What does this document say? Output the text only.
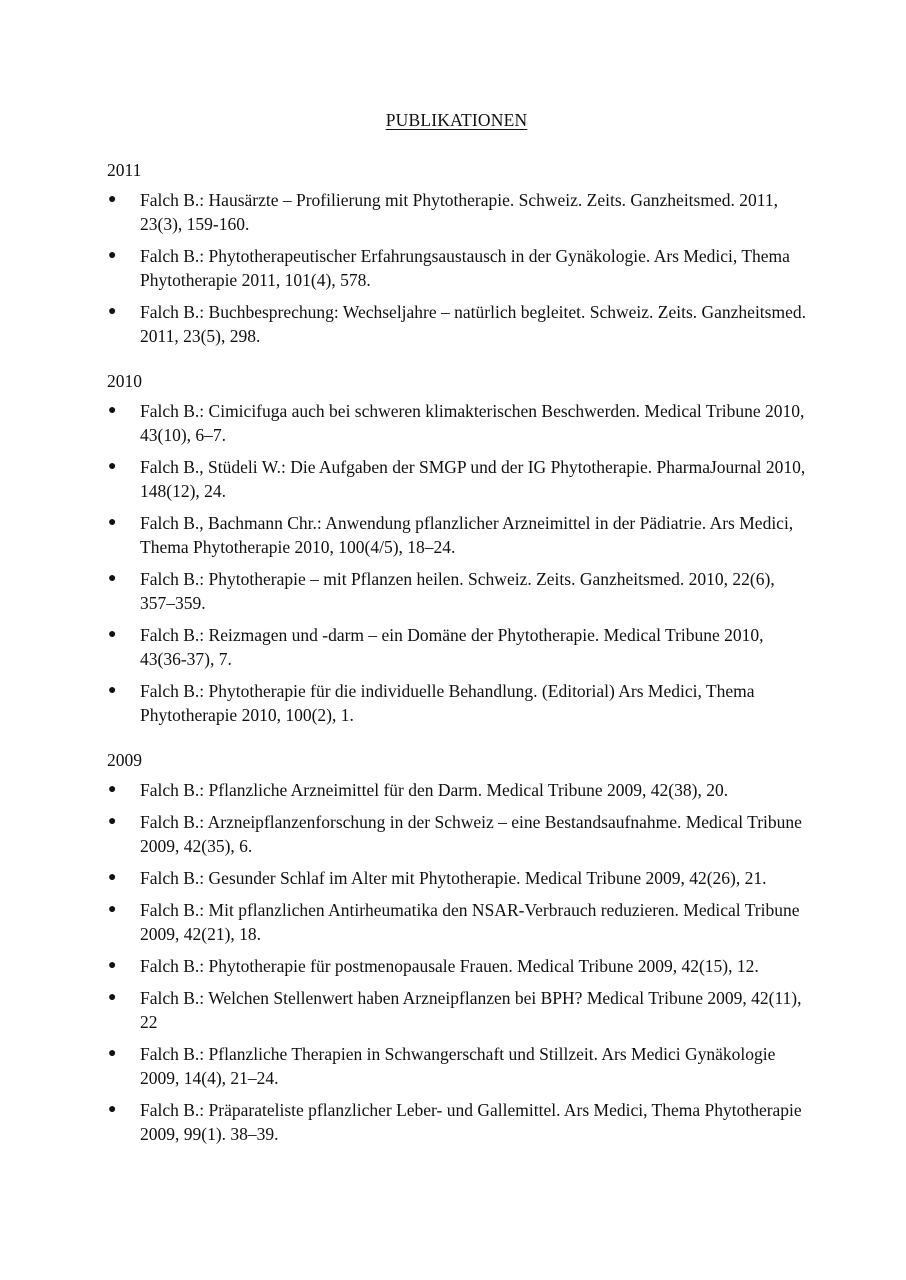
PUBLIKATIONEN
2011
● Falch B.: Hausärzte – Profilierung mit Phytotherapie. Schweiz. Zeits. Ganzheitsmed. 2011, 23(3), 159-160.
● Falch B.: Phytotherapeutischer Erfahrungsaustausch in der Gynäkologie. Ars Medici, Thema Phytotherapie 2011, 101(4), 578.
● Falch B.: Buchbesprechung: Wechseljahre – natürlich begleitet. Schweiz. Zeits. Ganzheitsmed. 2011, 23(5), 298.
2010
● Falch B.: Cimicifuga auch bei schweren klimakterischen Beschwerden. Medical Tribune 2010, 43(10), 6–7.
● Falch B., Stüdeli W.: Die Aufgaben der SMGP und der IG Phytotherapie. PharmaJournal 2010, 148(12), 24.
● Falch B., Bachmann Chr.: Anwendung pflanzlicher Arzneimittel in der Pädiatrie. Ars Medici, Thema Phytotherapie 2010, 100(4/5), 18–24.
● Falch B.: Phytotherapie – mit Pflanzen heilen. Schweiz. Zeits. Ganzheitsmed. 2010, 22(6), 357–359.
● Falch B.: Reizmagen und -darm – ein Domäne der Phytotherapie. Medical Tribune 2010, 43(36-37), 7.
● Falch B.: Phytotherapie für die individuelle Behandlung. (Editorial) Ars Medici, Thema Phytotherapie 2010, 100(2), 1.
2009
● Falch B.: Pflanzliche Arzneimittel für den Darm. Medical Tribune 2009, 42(38), 20.
● Falch B.: Arzneipflanzenforschung in der Schweiz – eine Bestandsaufnahme. Medical Tribune 2009, 42(35), 6.
● Falch B.: Gesunder Schlaf im Alter mit Phytotherapie. Medical Tribune 2009, 42(26), 21.
● Falch B.: Mit pflanzlichen Antirheumatika den NSAR-Verbrauch reduzieren. Medical Tribune 2009, 42(21), 18.
● Falch B.: Phytotherapie für postmenopausale Frauen. Medical Tribune 2009, 42(15), 12.
● Falch B.: Welchen Stellenwert haben Arzneipflanzen bei BPH? Medical Tribune 2009, 42(11), 22
● Falch B.: Pflanzliche Therapien in Schwangerschaft und Stillzeit. Ars Medici Gynäkologie 2009, 14(4), 21–24.
● Falch B.: Präparateliste pflanzlicher Leber- und Gallemittel. Ars Medici, Thema Phytotherapie 2009, 99(1). 38–39.
